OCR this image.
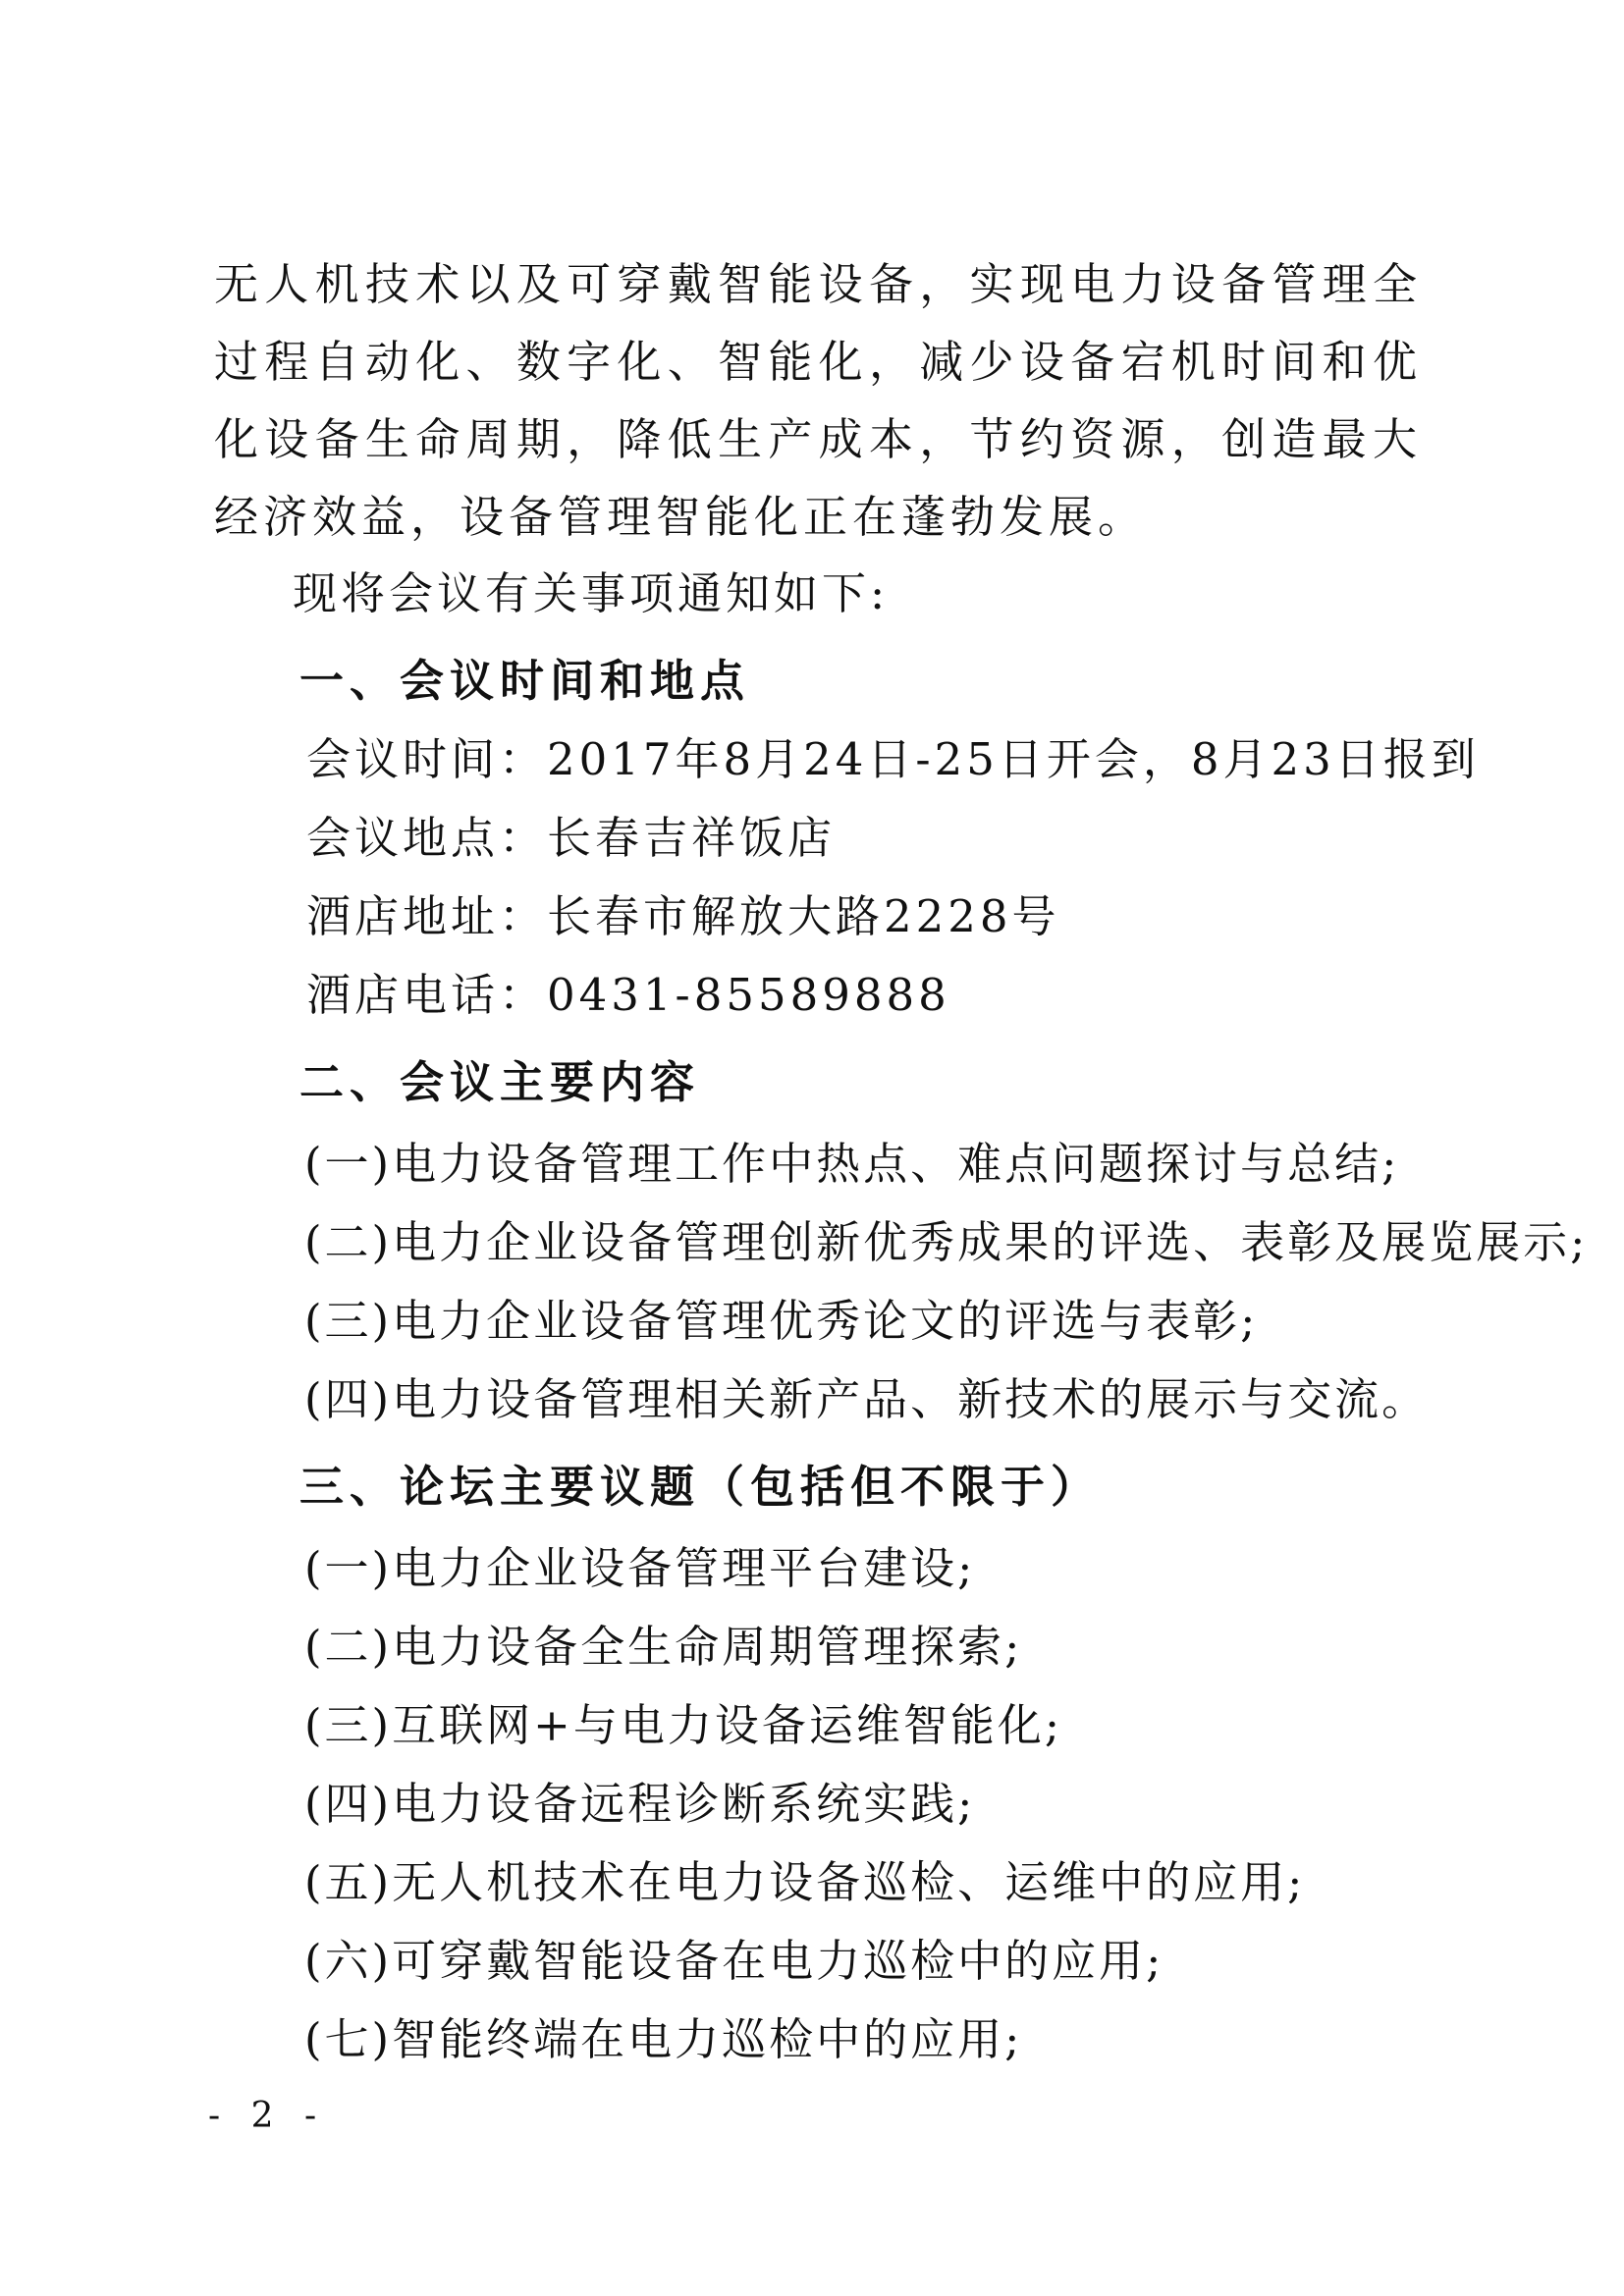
无人机技术以及可穿戴智能设备，实现电力设备管理全过程自动化、数字化、智能化，减少设备宕机时间和优化设备生命周期，降低生产成本，节约资源，创造最大经济效益，设备管理智能化正在蓬勃发展。

现将会议有关事项通知如下:

一、会议时间和地点

会议时间：2017年8月24日-25日开会，8月23日报到

会议地点：长春吉祥饭店

酒店地址：长春市解放大路2228号

酒店电话：0431-85589888

二、会议主要内容

(一)电力设备管理工作中热点、难点问题探讨与总结;

(二)电力企业设备管理创新优秀成果的评选、表彰及展览展示;

(三)电力企业设备管理优秀论文的评选与表彰;

(四)电力设备管理相关新产品、新技术的展示与交流。

三、论坛主要议题（包括但不限于）

(一)电力企业设备管理平台建设;

(二)电力设备全生命周期管理探索;

(三)互联网+与电力设备运维智能化;

(四)电力设备远程诊断系统实践;

(五)无人机技术在电力设备巡检、运维中的应用;

(六)可穿戴智能设备在电力巡检中的应用;

(七)智能终端在电力巡检中的应用;

- 2 -
